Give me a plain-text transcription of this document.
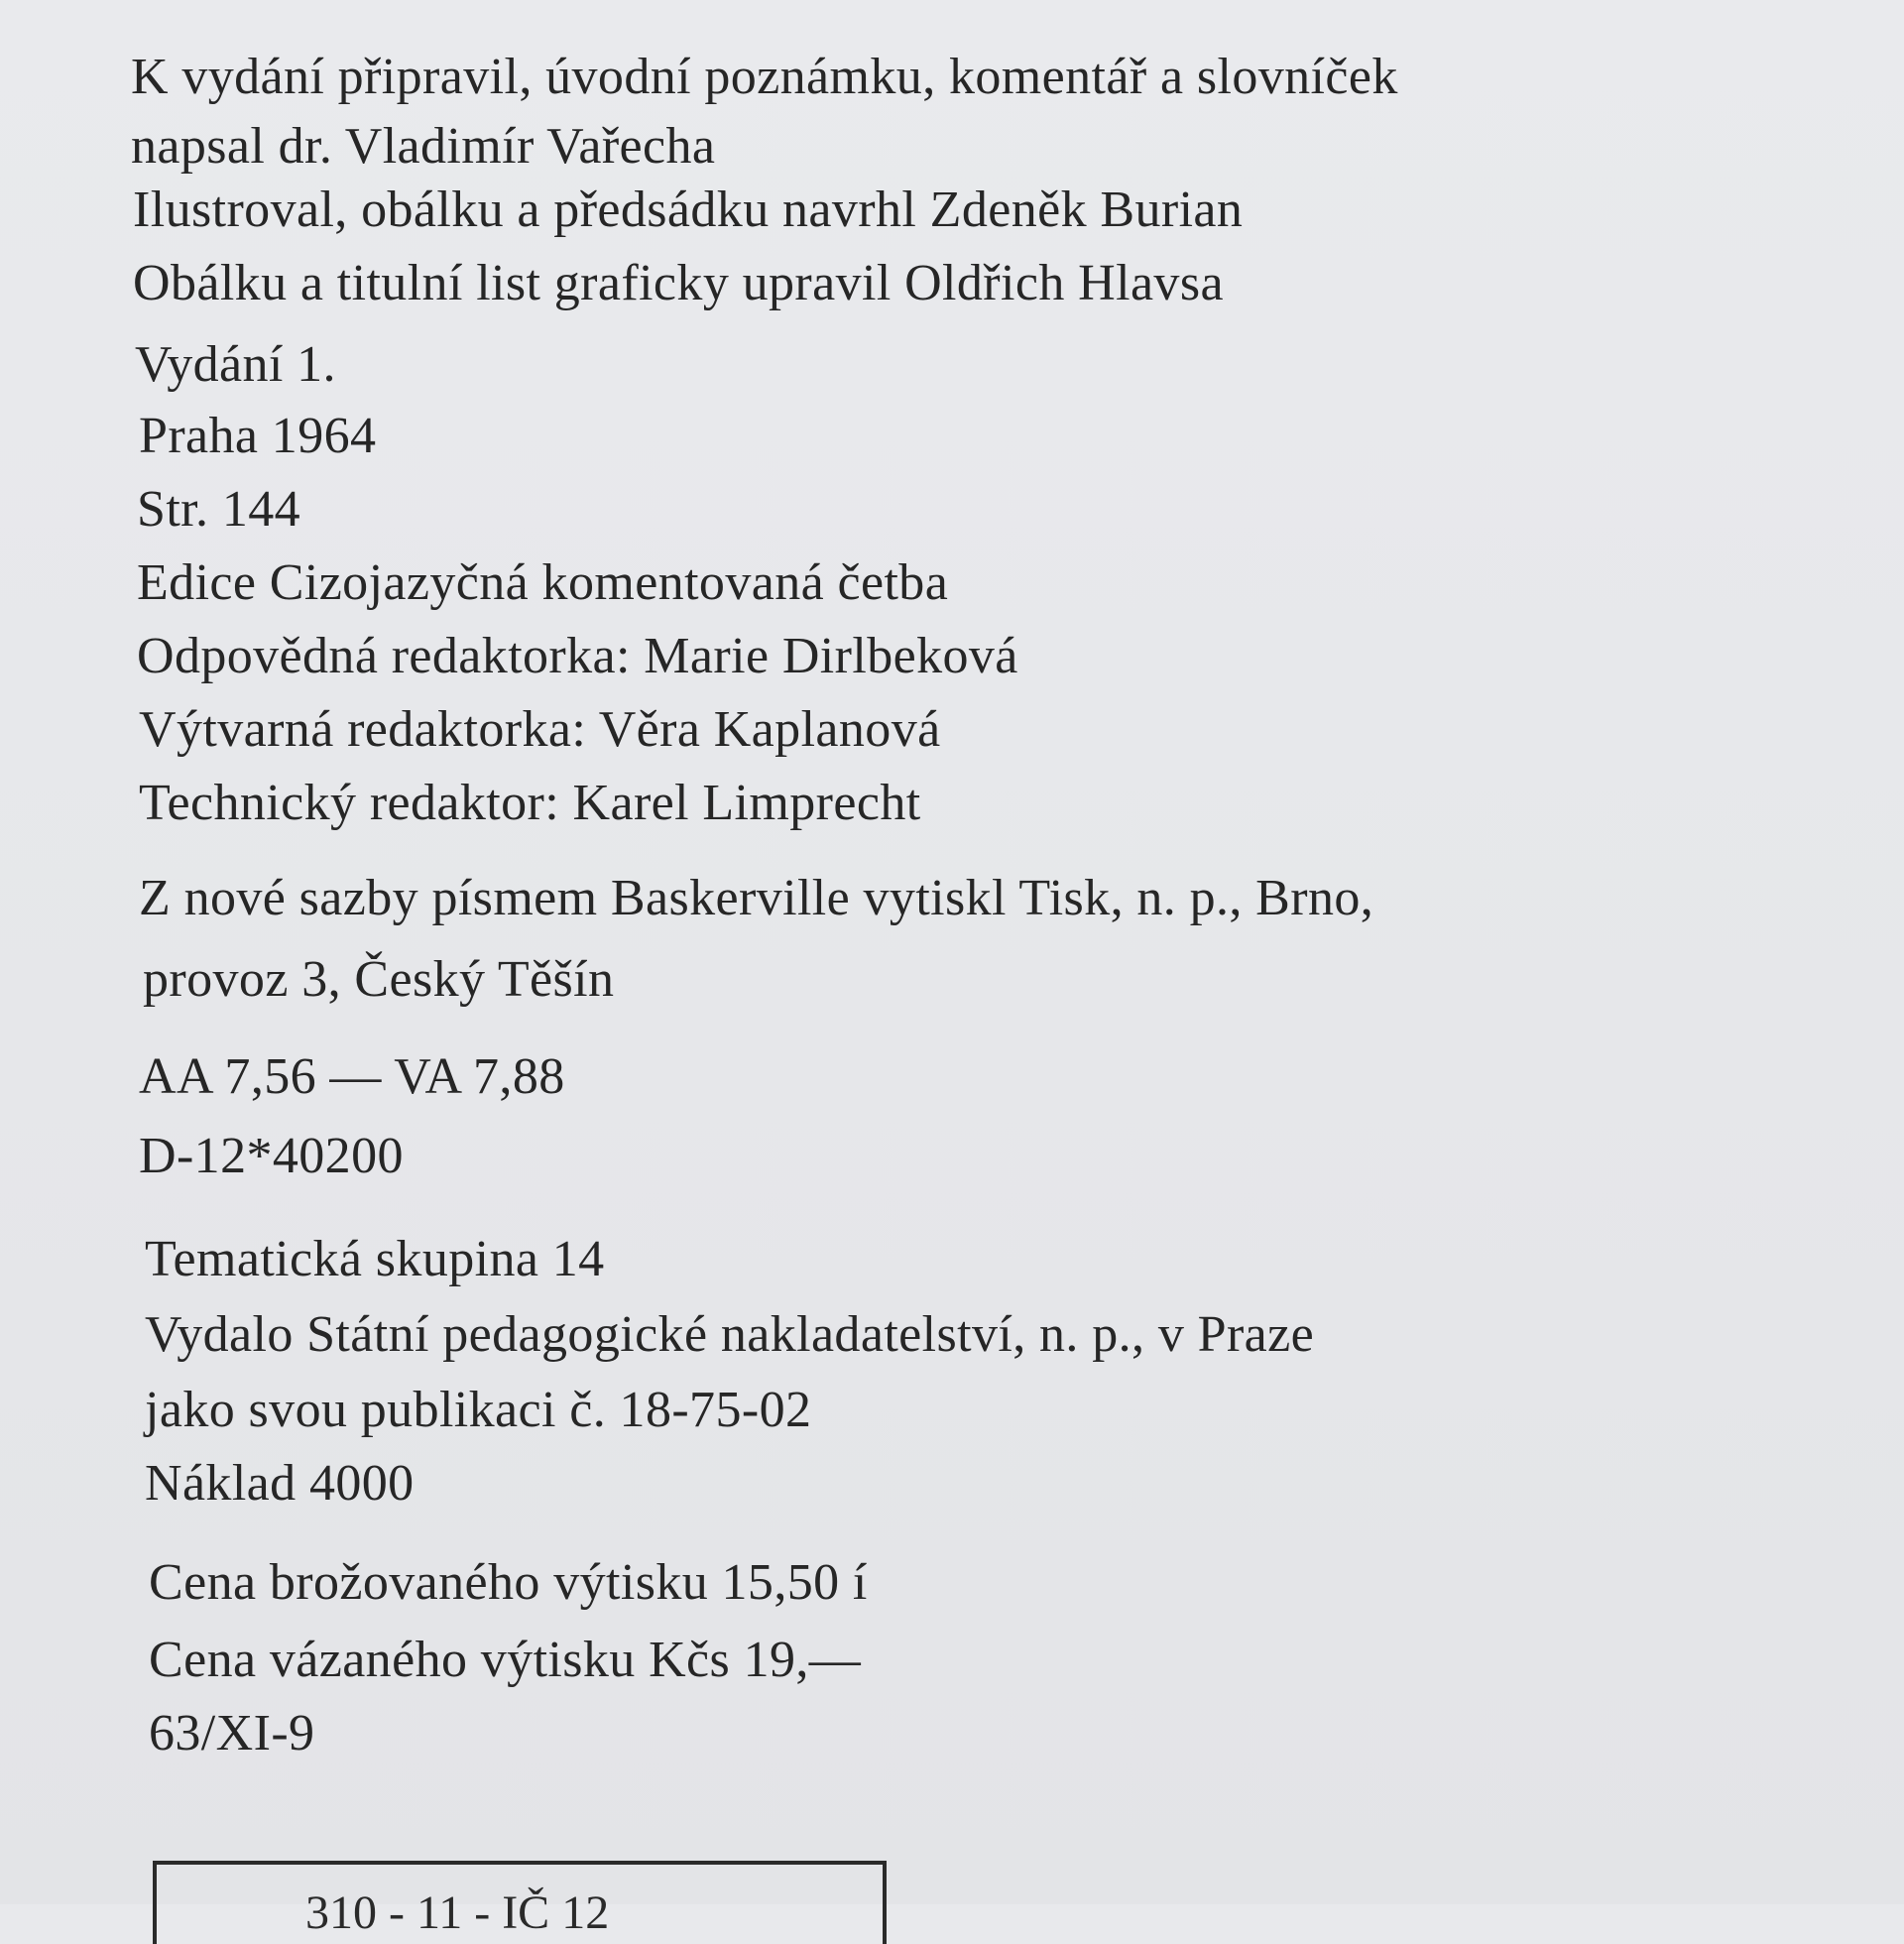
K vydání připravil, úvodní poznámku, komentář a slovníček
napsal dr. Vladimír Vařecha
Ilustroval, obálku a předsádku navrhl Zdeněk Burian
Obálku a titulní list graficky upravil Oldřich Hlavsa
Vydání 1.
Praha 1964
Str. 144
Edice Cizojazyčná komentovaná četba
Odpovědná redaktorka: Marie Dirlbeková
Výtvarná redaktorka: Věra Kaplanová
Technický redaktor: Karel Limprecht
Z nové sazby písmem Baskerville vytiskl Tisk, n. p., Brno,
provoz 3, Český Těšín
AA 7,56 — VA 7,88
D-12*40200
Tematická skupina 14
Vydalo Státní pedagogické nakladatelství, n. p., v Praze
jako svou publikaci č. 18-75-02
Náklad 4000
Cena brožovaného výtisku 15,50 í
Cena vázaného výtisku Kčs 19,—
63/XI-9
310 - 11 - IČ 12
